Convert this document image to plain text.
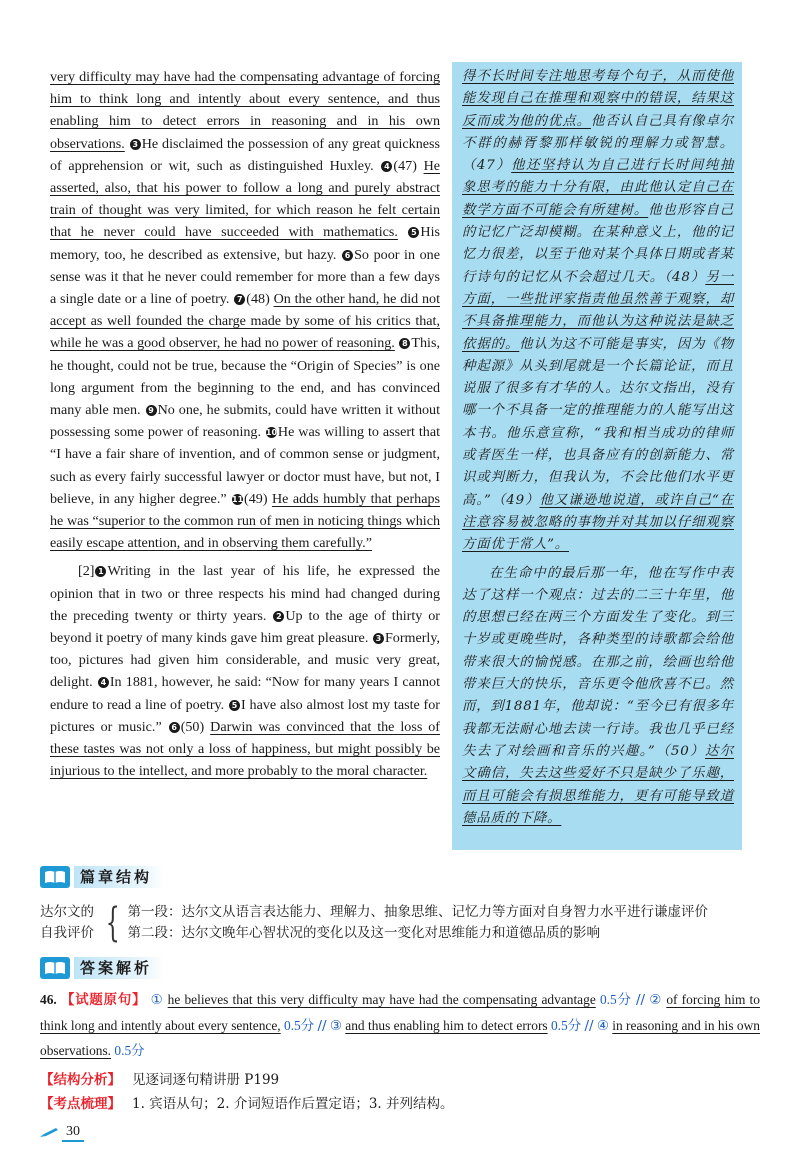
very difficulty may have had the compensating advantage of forcing him to think long and intently about every sentence, and thus enabling him to detect errors in reasoning and in his own observations. 3 He disclaimed the possession of any great quickness of apprehension or wit, such as distinguished Huxley. 4 (47) He asserted, also, that his power to follow a long and purely abstract train of thought was very limited, for which reason he felt certain that he never could have succeeded with mathematics. 5 His memory, too, he described as extensive, but hazy. 6 So poor in one sense was it that he never could remember for more than a few days a single date or a line of poetry. 7 (48) On the other hand, he did not accept as well founded the charge made by some of his critics that, while he was a good observer, he had no power of reasoning. 8 This, he thought, could not be true, because the “Origin of Species” is one long argument from the beginning to the end, and has convinced many able men. 9 No one, he submits, could have written it without possessing some power of reasoning. 10He was willing to assert that “I have a fair share of invention, and of common sense or judgment, such as every fairly successful lawyer or doctor must have, but not, I believe, in any higher degree.” 11(49) He adds humbly that perhaps he was “superior to the common run of men in noticing things which easily escape attention, and in observing them carefully.”

[2] 1 Writing in the last year of his life, he expressed the opinion that in two or three respects his mind had changed during the preceding twenty or thirty years. 2 Up to the age of thirty or beyond it poetry of many kinds gave him great pleasure. 3 Formerly, too, pictures had given him considerable, and music very great, delight. 4 In 1881, however, he said: “Now for many years I cannot endure to read a line of poetry. 5 I have also almost lost my taste for pictures or music.” 6 (50) Darwin was convinced that the loss of these tastes was not only a loss of happiness, but might possibly be injurious to the intellect, and more probably to the moral character.

得不长时间专注地思考每个句子，从而使他能发现自己在推理和观察中的错误，结果这反而成为他的优点。他否认自己具有像卓尔不群的赫胥黎那样敏锐的理解力或智慧。（47）他还坚持认为自己进行长时间纯抽象思考的能力十分有限，由此他认定自己在数学方面不可能会有所建树。他也形容自己的记忆广泛却模糊。在某种意义上，他的记忆力很差，以至于他对某个具体日期或者某行诗句的记忆从不会超过几天。（48）另一方面，一些批评家指责他虽然善于观察，却不具备推理能力，而他认为这种说法是缺乏依据的。他认为这不可能是事实，因为《物种起源》从头到尾就是一个长篇论证，而且说服了很多有才华的人。达尔文指出，没有哪一个不具备一定的推理能力的人能写出这本书。他乐意宣称，“我和相当成功的律师或者医生一样，也具备应有的创新能力、常识或判断力，但我认为，不会比他们水平更高。”（49）他又谦逊地说道，或许自己“在注意容易被忽略的事物并对其加以仔细观察方面优于常人”。

在生命中的最后那一年，他在写作中表达了这样一个观点：过去的二三十年里，他的思想已经在两三个方面发生了变化。到三十岁或更晚些时，各种类型的诗歌都会给他带来很大的愉悦感。在那之前，绘画也给他带来巨大的快乐，音乐更令他欣喜不已。然而，到1881年，他却说：“至今已有很多年我都无法耐心地去读一行诗。我也几乎已经失去了对绘画和音乐的兴趣。”（50）达尔文确信，失去这些爱好不只是缺少了乐趣，而且可能会有损思维能力，更有可能导致道德品质的下降。

篇章结构
达尔文的
自我评价 { 第一段：达尔文从语言表达能力、理解力、抽象思维、记忆力等方面对自身智力水平进行谦虚评价
第二段：达尔文晚年心智状况的变化以及这一变化对思维能力和道德品质的影响
答案解析
46. 【试题原句】 ① he believes that this very difficulty may have had the compensating advantage 0.5分 // ② of forcing him to think long and intently about every sentence, 0.5分 // ③ and thus enabling him to detect errors 0.5分 // ④ in reasoning and in his own observations. 0.5分
【结构分析】 见逐词逐句精讲册 P199
【考点梳理】 1. 宾语从句；2. 介词短语作后置定语；3. 并列结构。
30
